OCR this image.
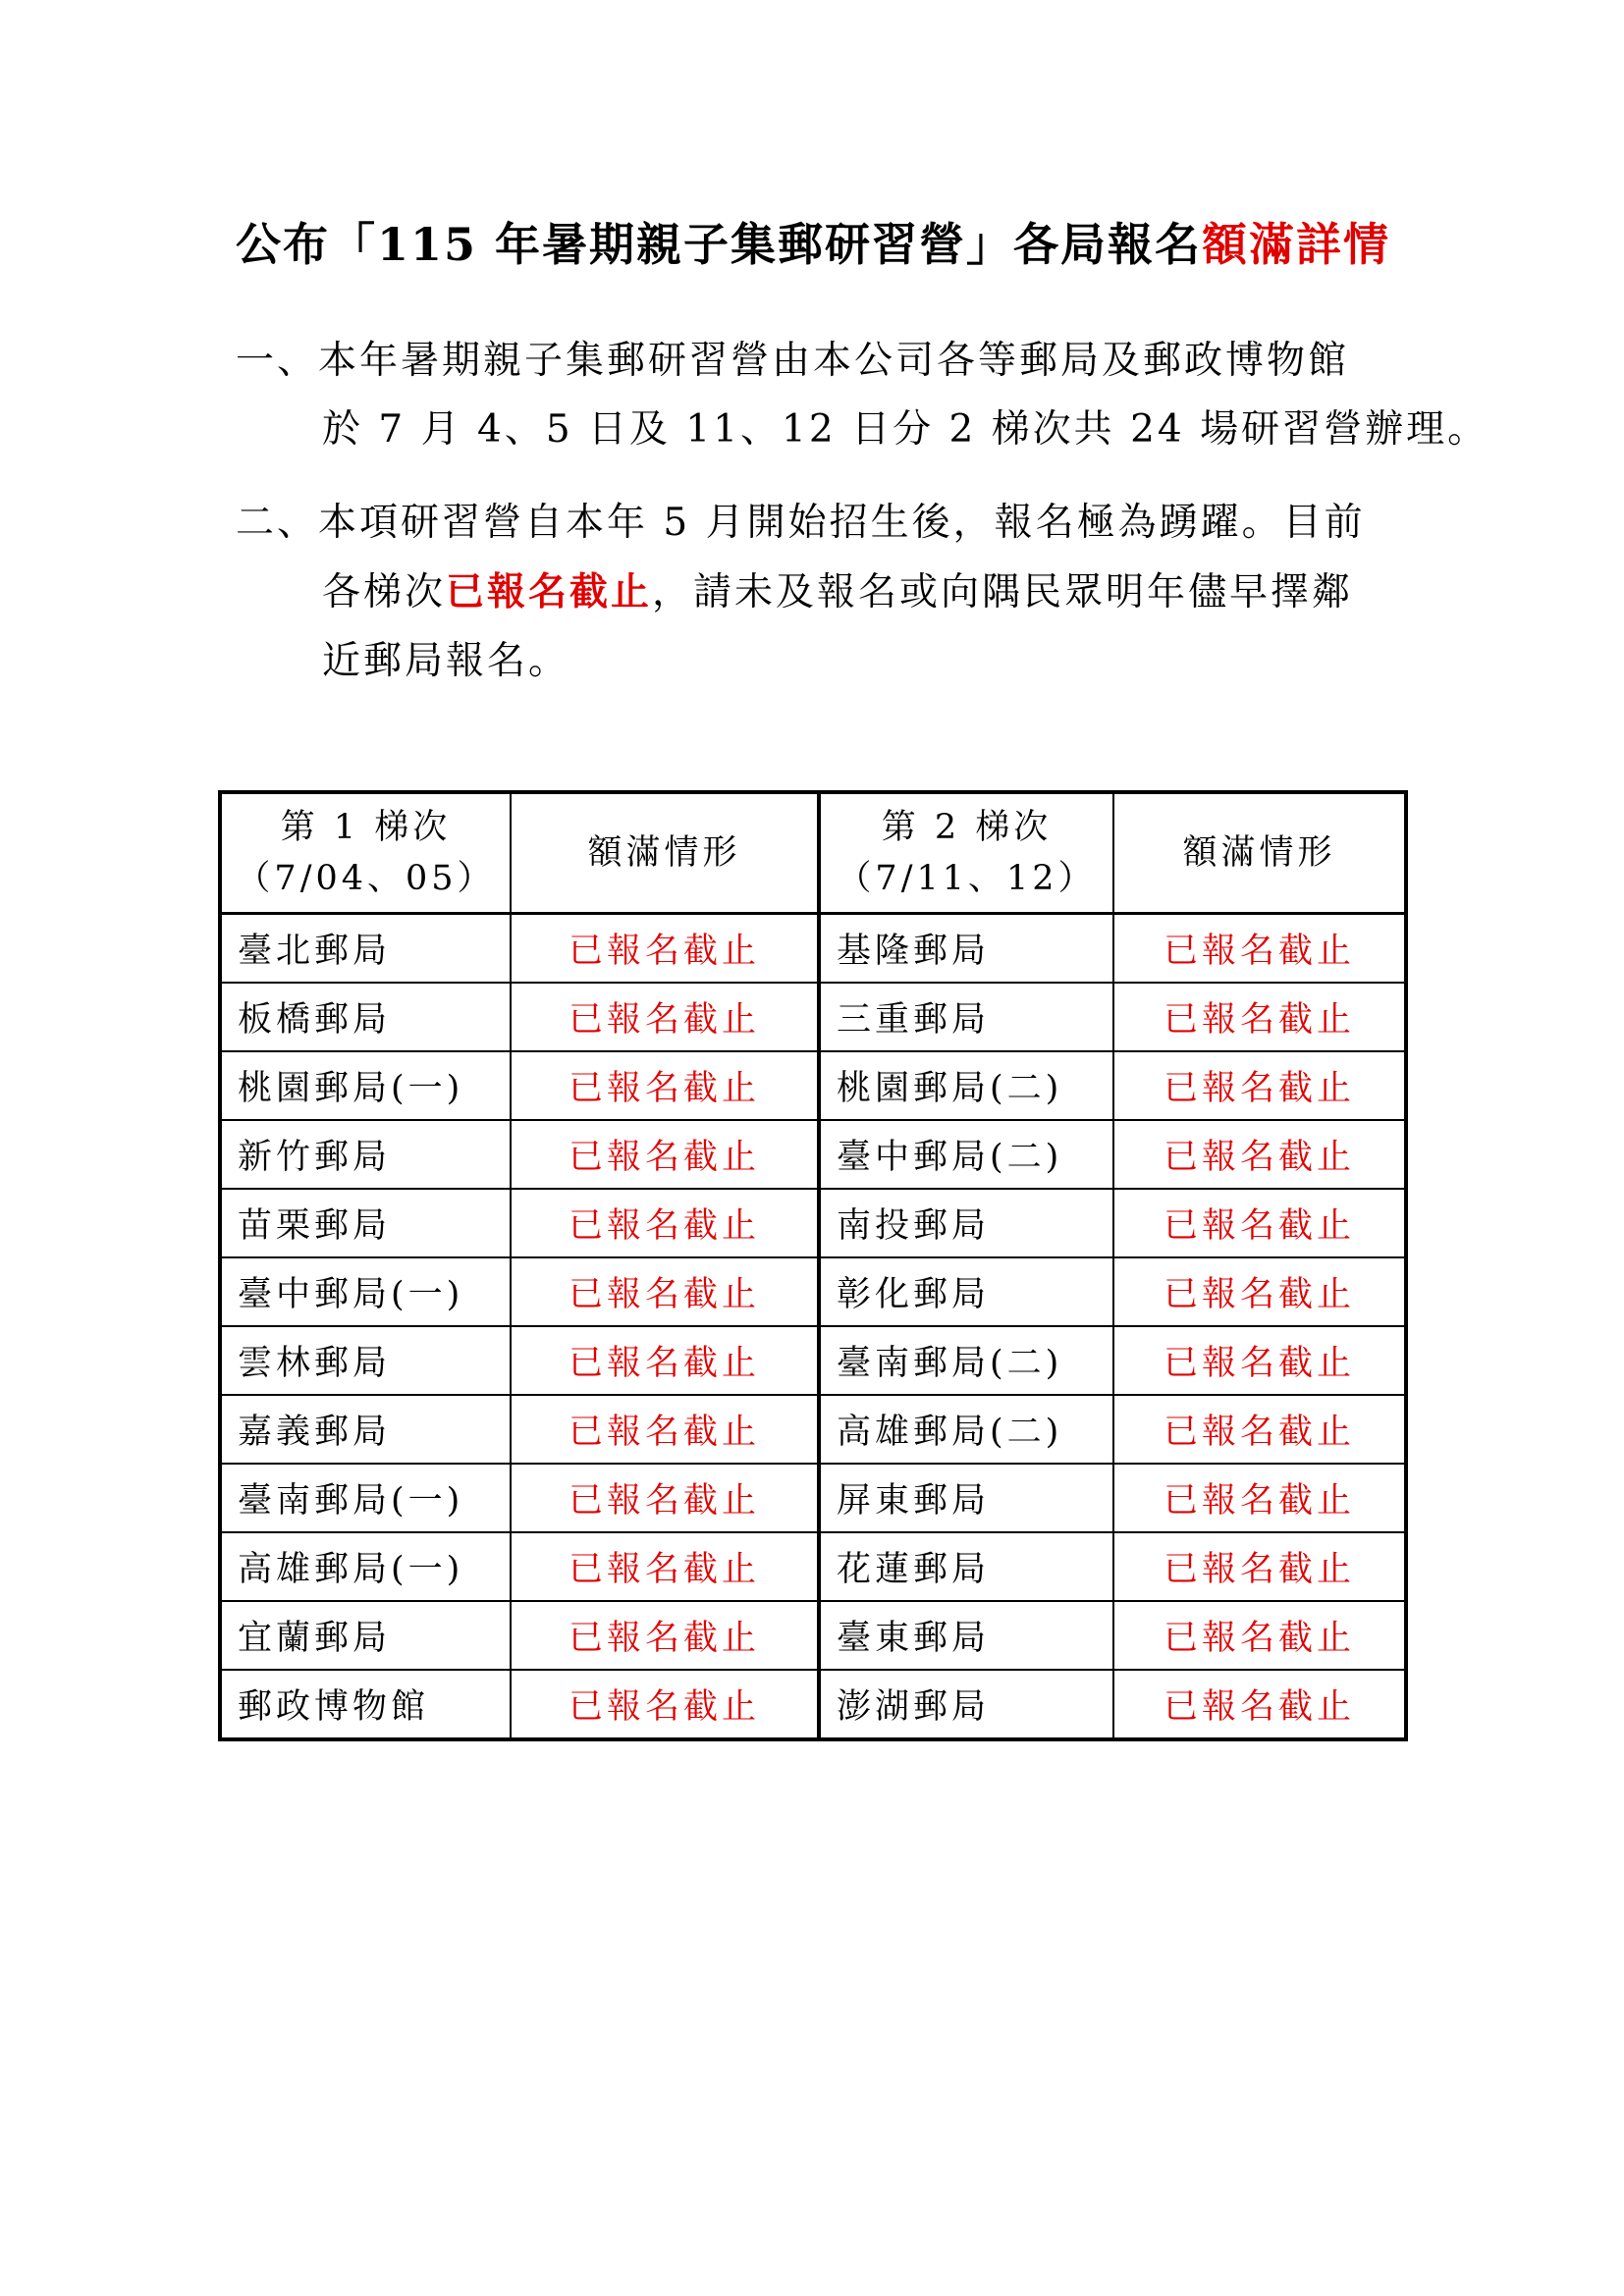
公布「115 年暑期親子集郵研習營」各局報名額滿詳情
一、本年暑期親子集郵研習營由本公司各等郵局及郵政博物館
於 7 月 4、5 日及 11、12 日分 2 梯次共 24 場研習營辦理。
二、本項研習營自本年 5 月開始招生後，報名極為踴躍。目前
各梯次已報名截止，請未及報名或向隅民眾明年儘早擇鄰
近郵局報名。
第 1 梯次
（7/04、05）	額滿情形	第 2 梯次
（7/11、12）	額滿情形
臺北郵局	已報名截止	基隆郵局	已報名截止
板橋郵局	已報名截止	三重郵局	已報名截止
桃園郵局(一)	已報名截止	桃園郵局(二)	已報名截止
新竹郵局	已報名截止	臺中郵局(二)	已報名截止
苗栗郵局	已報名截止	南投郵局	已報名截止
臺中郵局(一)	已報名截止	彰化郵局	已報名截止
雲林郵局	已報名截止	臺南郵局(二)	已報名截止
嘉義郵局	已報名截止	高雄郵局(二)	已報名截止
臺南郵局(一)	已報名截止	屏東郵局	已報名截止
高雄郵局(一)	已報名截止	花蓮郵局	已報名截止
宜蘭郵局	已報名截止	臺東郵局	已報名截止
郵政博物館	已報名截止	澎湖郵局	已報名截止
